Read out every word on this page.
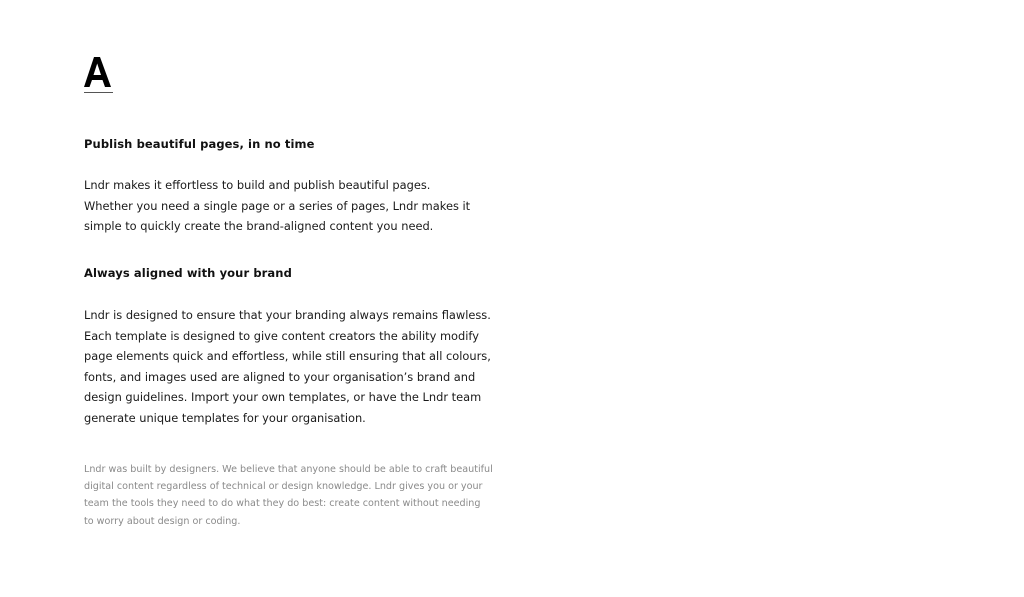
Publish beautiful pages, in no time
Lndr makes it effortless to build and publish beautiful pages.
Whether you need a single page or a series of pages, Lndr makes it
simple to quickly create the brand-aligned content you need.
Always aligned with your brand
Lndr is designed to ensure that your branding always remains flawless.
Each template is designed to give content creators the ability modify
page elements quick and effortless, while still ensuring that all colours,
fonts, and images used are aligned to your organisation’s brand and
design guidelines. Import your own templates, or have the Lndr team
generate unique templates for your organisation.
Lndr was built by designers. We believe that anyone should be able to craft beautiful
digital content regardless of technical or design knowledge. Lndr gives you or your
team the tools they need to do what they do best: create content without needing
to worry about design or coding.
